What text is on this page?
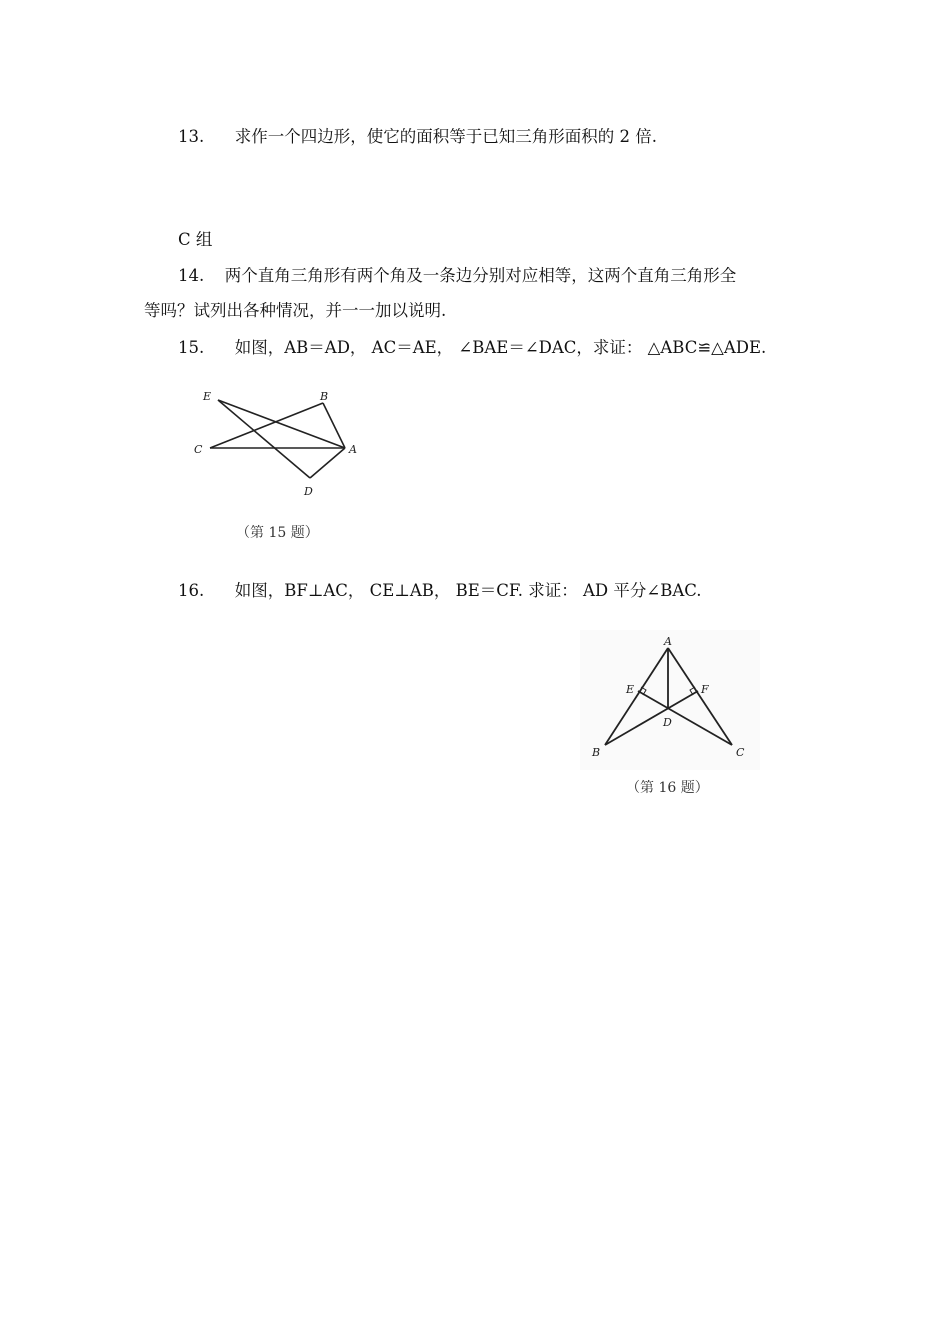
13. 求作一个四边形，使它的面积等于已知三角形面积的 2 倍.
C 组
14. 两个直角三角形有两个角及一条边分别对应相等，这两个直角三角形全
等吗？试列出各种情况，并一一加以说明.
15. 如图，AB＝AD， AC＝AE， ∠BAE＝∠DAC，求证： △ABC≌△ADE.
E	B
C	A
D
（第 15 题）
16. 如图，BF⊥AC， CE⊥AB， BE＝CF. 求证： AD 平分∠BAC.
A
E	F
D
B	C
（第 16 题）
